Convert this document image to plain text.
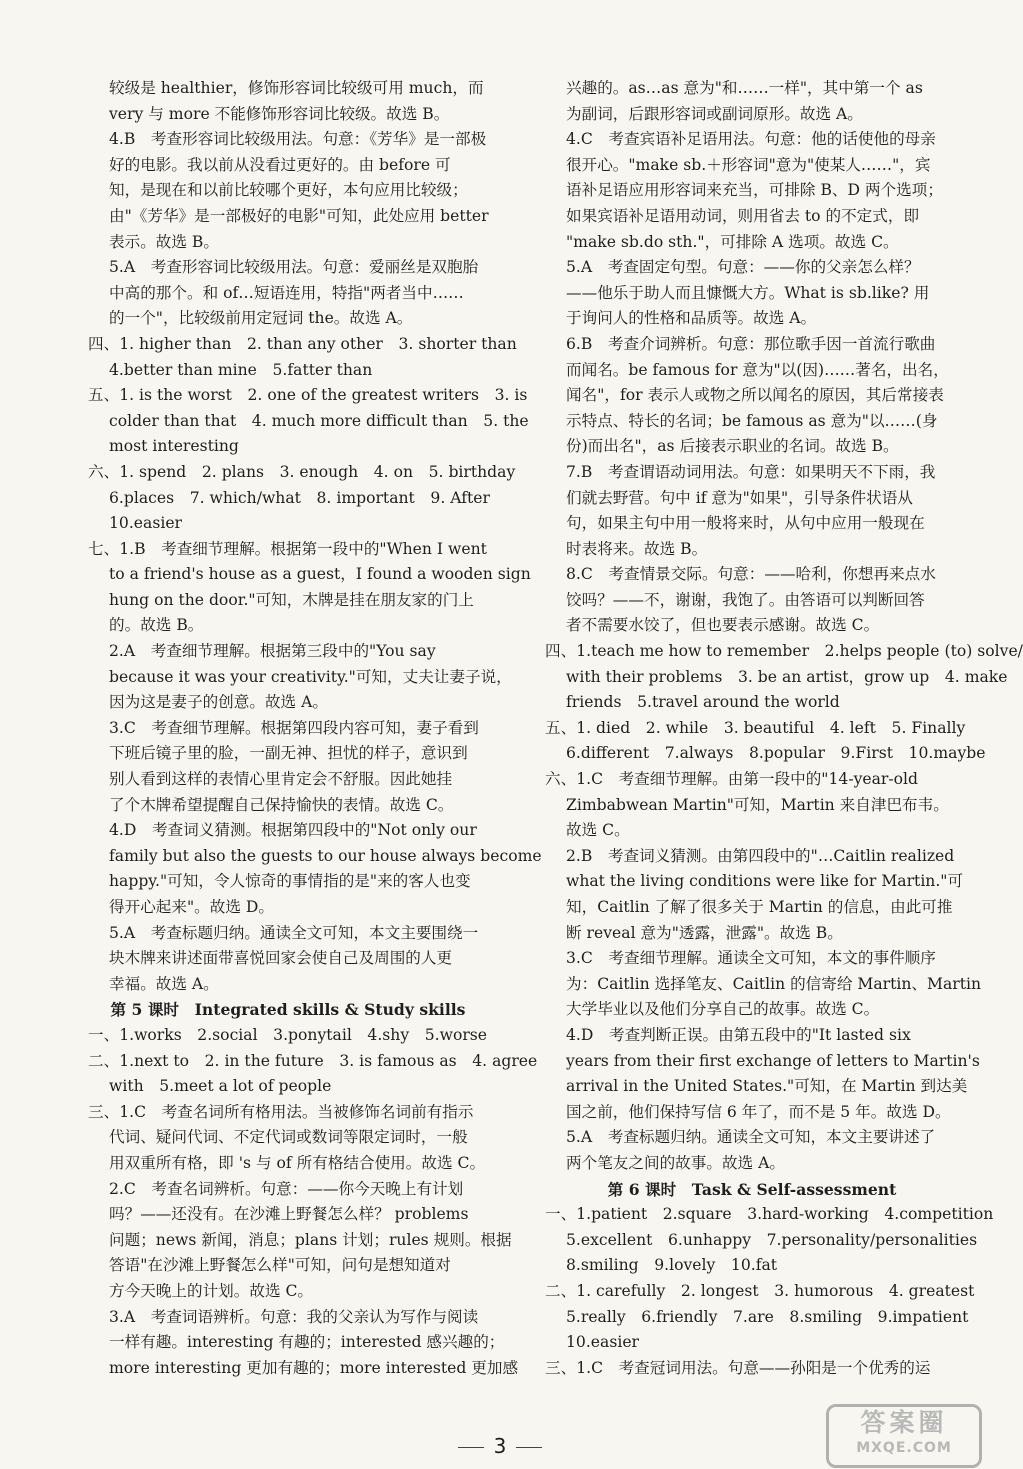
较级是 healthier，修饰形容词比较级可用 much，而
very 与 more 不能修饰形容词比较级。故选 B。
4.B　考查形容词比较级用法。句意：《芳华》是一部极
好的电影。我以前从没看过更好的。由 before 可
知，是现在和以前比较哪个更好，本句应用比较级；
由"《芳华》是一部极好的电影"可知，此处应用 better
表示。故选 B。
5.A　考查形容词比较级用法。句意：爱丽丝是双胞胎
中高的那个。和 of…短语连用，特指"两者当中……
的一个"，比较级前用定冠词 the。故选 A。
四、1. higher than　2. than any other　3. shorter than
4.better than mine　5.fatter than
五、1. is the worst　2. one of the greatest writers　3. is
colder than that　4. much more difficult than　5. the
most interesting
六、1. spend　2. plans　3. enough　4. on　5. birthday
6.places　7. which/what　8. important　9. After
10.easier
七、1.B　考查细节理解。根据第一段中的"When I went
to a friend's house as a guest，I found a wooden sign
hung on the door."可知，木牌是挂在朋友家的门上
的。故选 B。
2.A　考查细节理解。根据第三段中的"You say
because it was your creativity."可知，丈夫让妻子说，
因为这是妻子的创意。故选 A。
3.C　考查细节理解。根据第四段内容可知，妻子看到
下班后镜子里的脸，一副无神、担忧的样子，意识到
别人看到这样的表情心里肯定会不舒服。因此她挂
了个木牌希望提醒自己保持愉快的表情。故选 C。
4.D　考查词义猜测。根据第四段中的"Not only our
family but also the guests to our house always become
happy."可知，令人惊奇的事情指的是"来的客人也变
得开心起来"。故选 D。
5.A　考查标题归纳。通读全文可知，本文主要围绕一
块木牌来讲述面带喜悦回家会使自己及周围的人更
幸福。故选 A。
第 5 课时　Integrated skills & Study skills
一、1.works　2.social　3.ponytail　4.shy　5.worse
二、1.next to　2. in the future　3. is famous as　4. agree
with　5.meet a lot of people
三、1.C　考查名词所有格用法。当被修饰名词前有指示
代词、疑问代词、不定代词或数词等限定词时，一般
用双重所有格，即 's 与 of 所有格结合使用。故选 C。
2.C　考查名词辨析。句意：——你今天晚上有计划
吗？——还没有。在沙滩上野餐怎么样？ problems
问题；news 新闻，消息；plans 计划；rules 规则。根据
答语"在沙滩上野餐怎么样"可知，问句是想知道对
方今天晚上的计划。故选 C。
3.A　考查词语辨析。句意：我的父亲认为写作与阅读
一样有趣。interesting 有趣的；interested 感兴趣的；
more interesting 更加有趣的；more interested 更加感
兴趣的。as…as 意为"和……一样"，其中第一个 as
为副词，后跟形容词或副词原形。故选 A。
4.C　考查宾语补足语用法。句意：他的话使他的母亲
很开心。"make sb.＋形容词"意为"使某人……"，宾
语补足语应用形容词来充当，可排除 B、D 两个选项；
如果宾语补足语用动词，则用省去 to 的不定式，即
"make sb.do sth."，可排除 A 选项。故选 C。
5.A　考查固定句型。句意：——你的父亲怎么样？
——他乐于助人而且慷慨大方。What is sb.like? 用
于询问人的性格和品质等。故选 A。
6.B　考查介词辨析。句意：那位歌手因一首流行歌曲
而闻名。be famous for 意为"以(因)……著名，出名，
闻名"，for 表示人或物之所以闻名的原因，其后常接表
示特点、特长的名词；be famous as 意为"以……(身
份)而出名"，as 后接表示职业的名词。故选 B。
7.B　考查谓语动词用法。句意：如果明天不下雨，我
们就去野营。句中 if 意为"如果"，引导条件状语从
句，如果主句中用一般将来时，从句中应用一般现在
时表将来。故选 B。
8.C　考查情景交际。句意：——哈利，你想再来点水
饺吗？——不，谢谢，我饱了。由答语可以判断回答
者不需要水饺了，但也要表示感谢。故选 C。
四、1.teach me how to remember　2.helps people (to) solve/
with their problems　3. be an artist，grow up　4. make
friends　5.travel around the world
五、1. died　2. while　3. beautiful　4. left　5. Finally
6.different　7.always　8.popular　9.First　10.maybe
六、1.C　考查细节理解。由第一段中的"14-year-old
Zimbabwean Martin"可知，Martin 来自津巴布韦。
故选 C。
2.B　考查词义猜测。由第四段中的"…Caitlin realized
what the living conditions were like for Martin."可
知，Caitlin 了解了很多关于 Martin 的信息，由此可推
断 reveal 意为"透露，泄露"。故选 B。
3.C　考查细节理解。通读全文可知，本文的事件顺序
为：Caitlin 选择笔友、Caitlin 的信寄给 Martin、Martin
大学毕业以及他们分享自己的故事。故选 C。
4.D　考查判断正误。由第五段中的"It lasted six
years from their first exchange of letters to Martin's
arrival in the United States."可知，在 Martin 到达美
国之前，他们保持写信 6 年了，而不是 5 年。故选 D。
5.A　考查标题归纳。通读全文可知，本文主要讲述了
两个笔友之间的故事。故选 A。
第 6 课时　Task & Self-assessment
一、1.patient　2.square　3.hard-working　4.competition
5.excellent　6.unhappy　7.personality/personalities
8.smiling　9.lovely　10.fat
二、1. carefully　2. longest　3. humorous　4. greatest
5.really　6.friendly　7.are　8.smiling　9.impatient
10.easier
三、1.C　考查冠词用法。句意——孙阳是一个优秀的运
3
答案圈
MXQE.COM
